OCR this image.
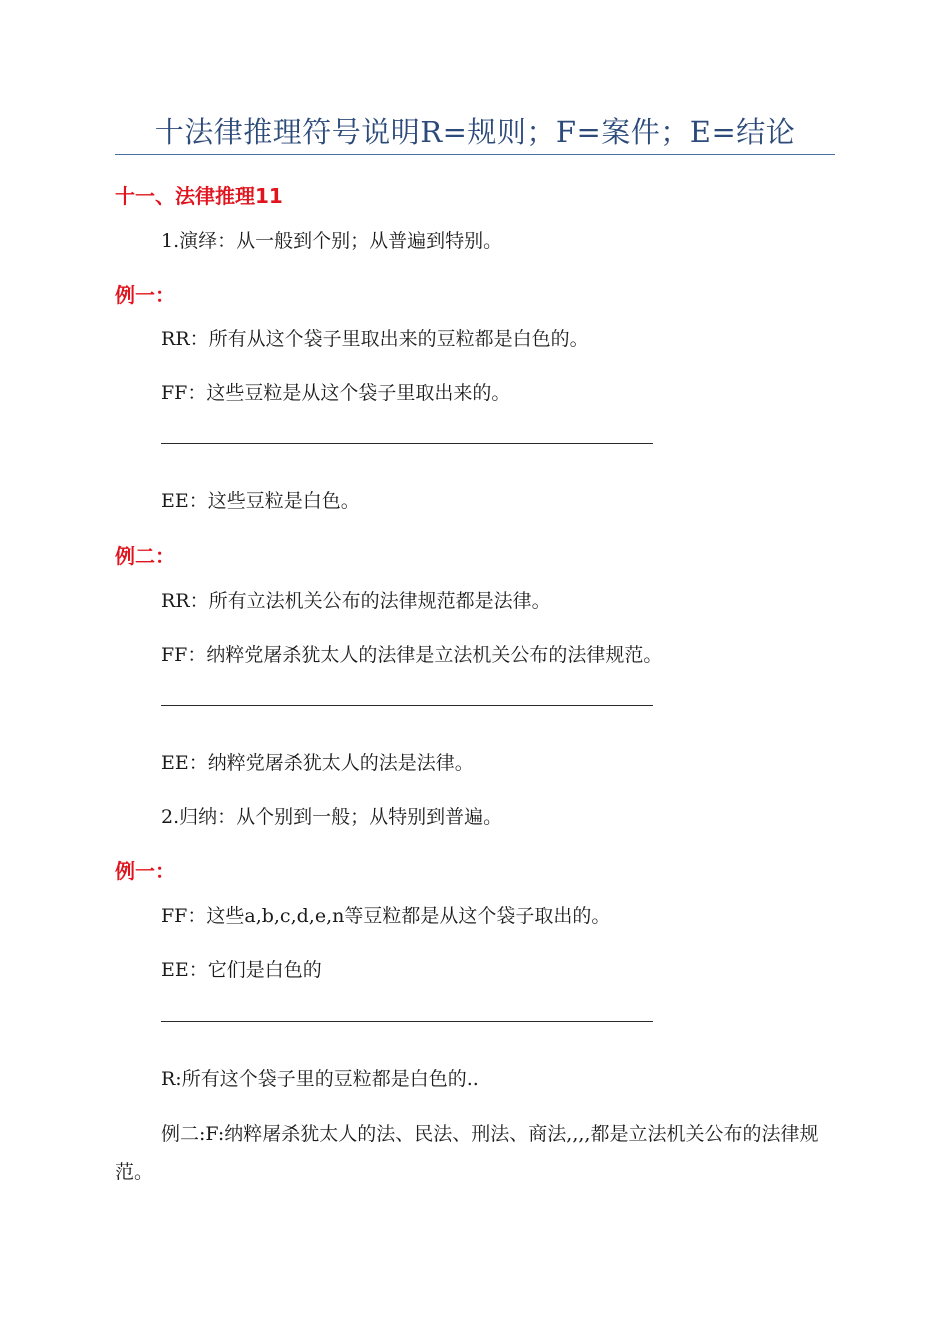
十法律推理符号说明R=规则；F=案件；E=结论
十一、法律推理11
1.演绎：从一般到个别；从普遍到特别。
例一：
RR：所有从这个袋子里取出来的豆粒都是白色的。
FF：这些豆粒是从这个袋子里取出来的。
EE：这些豆粒是白色。
例二：
RR：所有立法机关公布的法律规范都是法律。
FF：纳粹党屠杀犹太人的法律是立法机关公布的法律规范。
EE：纳粹党屠杀犹太人的法是法律。
2.归纳：从个别到一般；从特别到普遍。
例一：
FF：这些a,b,c,d,e,n等豆粒都是从这个袋子取出的。
EE：它们是白色的
R:所有这个袋子里的豆粒都是白色的..
例二:F:纳粹屠杀犹太人的法、民法、刑法、商法,,,,都是立法机关公布的法律规范。
